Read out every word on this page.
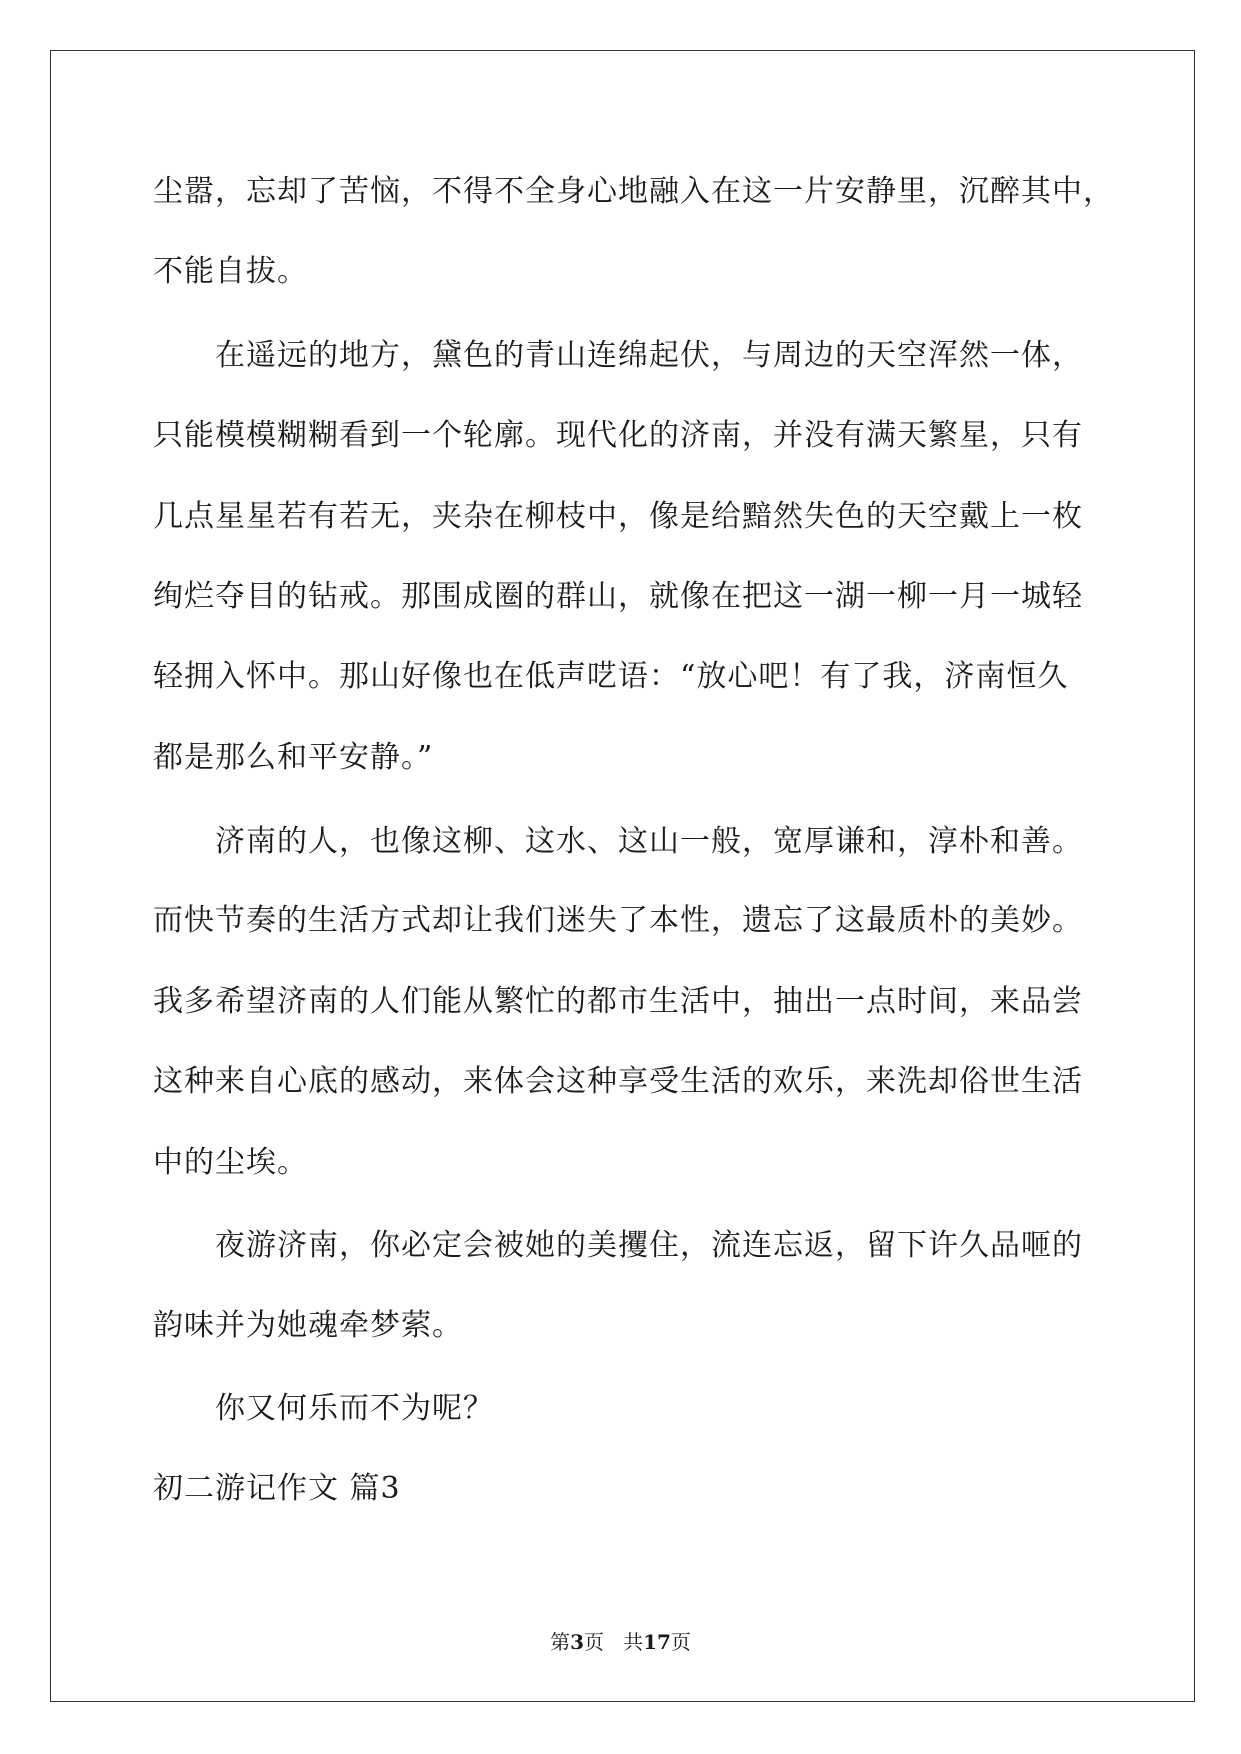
尘嚣，忘却了苦恼，不得不全身心地融入在这一片安静里，沉醉其中，
不能自拔。
在遥远的地方，黛色的青山连绵起伏，与周边的天空浑然一体，
只能模模糊糊看到一个轮廓。现代化的济南，并没有满天繁星，只有
几点星星若有若无，夹杂在柳枝中，像是给黯然失色的天空戴上一枚
绚烂夺目的钻戒。那围成圈的群山，就像在把这一湖一柳一月一城轻
轻拥入怀中。那山好像也在低声呓语：“放心吧！有了我，济南恒久
都是那么和平安静。”
济南的人，也像这柳、这水、这山一般，宽厚谦和，淳朴和善。
而快节奏的生活方式却让我们迷失了本性，遗忘了这最质朴的美妙。
我多希望济南的人们能从繁忙的都市生活中，抽出一点时间，来品尝
这种来自心底的感动，来体会这种享受生活的欢乐，来洗却俗世生活
中的尘埃。
夜游济南，你必定会被她的美攫住，流连忘返，留下许久品咂的
韵味并为她魂牵梦萦。
你又何乐而不为呢？
初二游记作文 篇3
第3页   共17页
